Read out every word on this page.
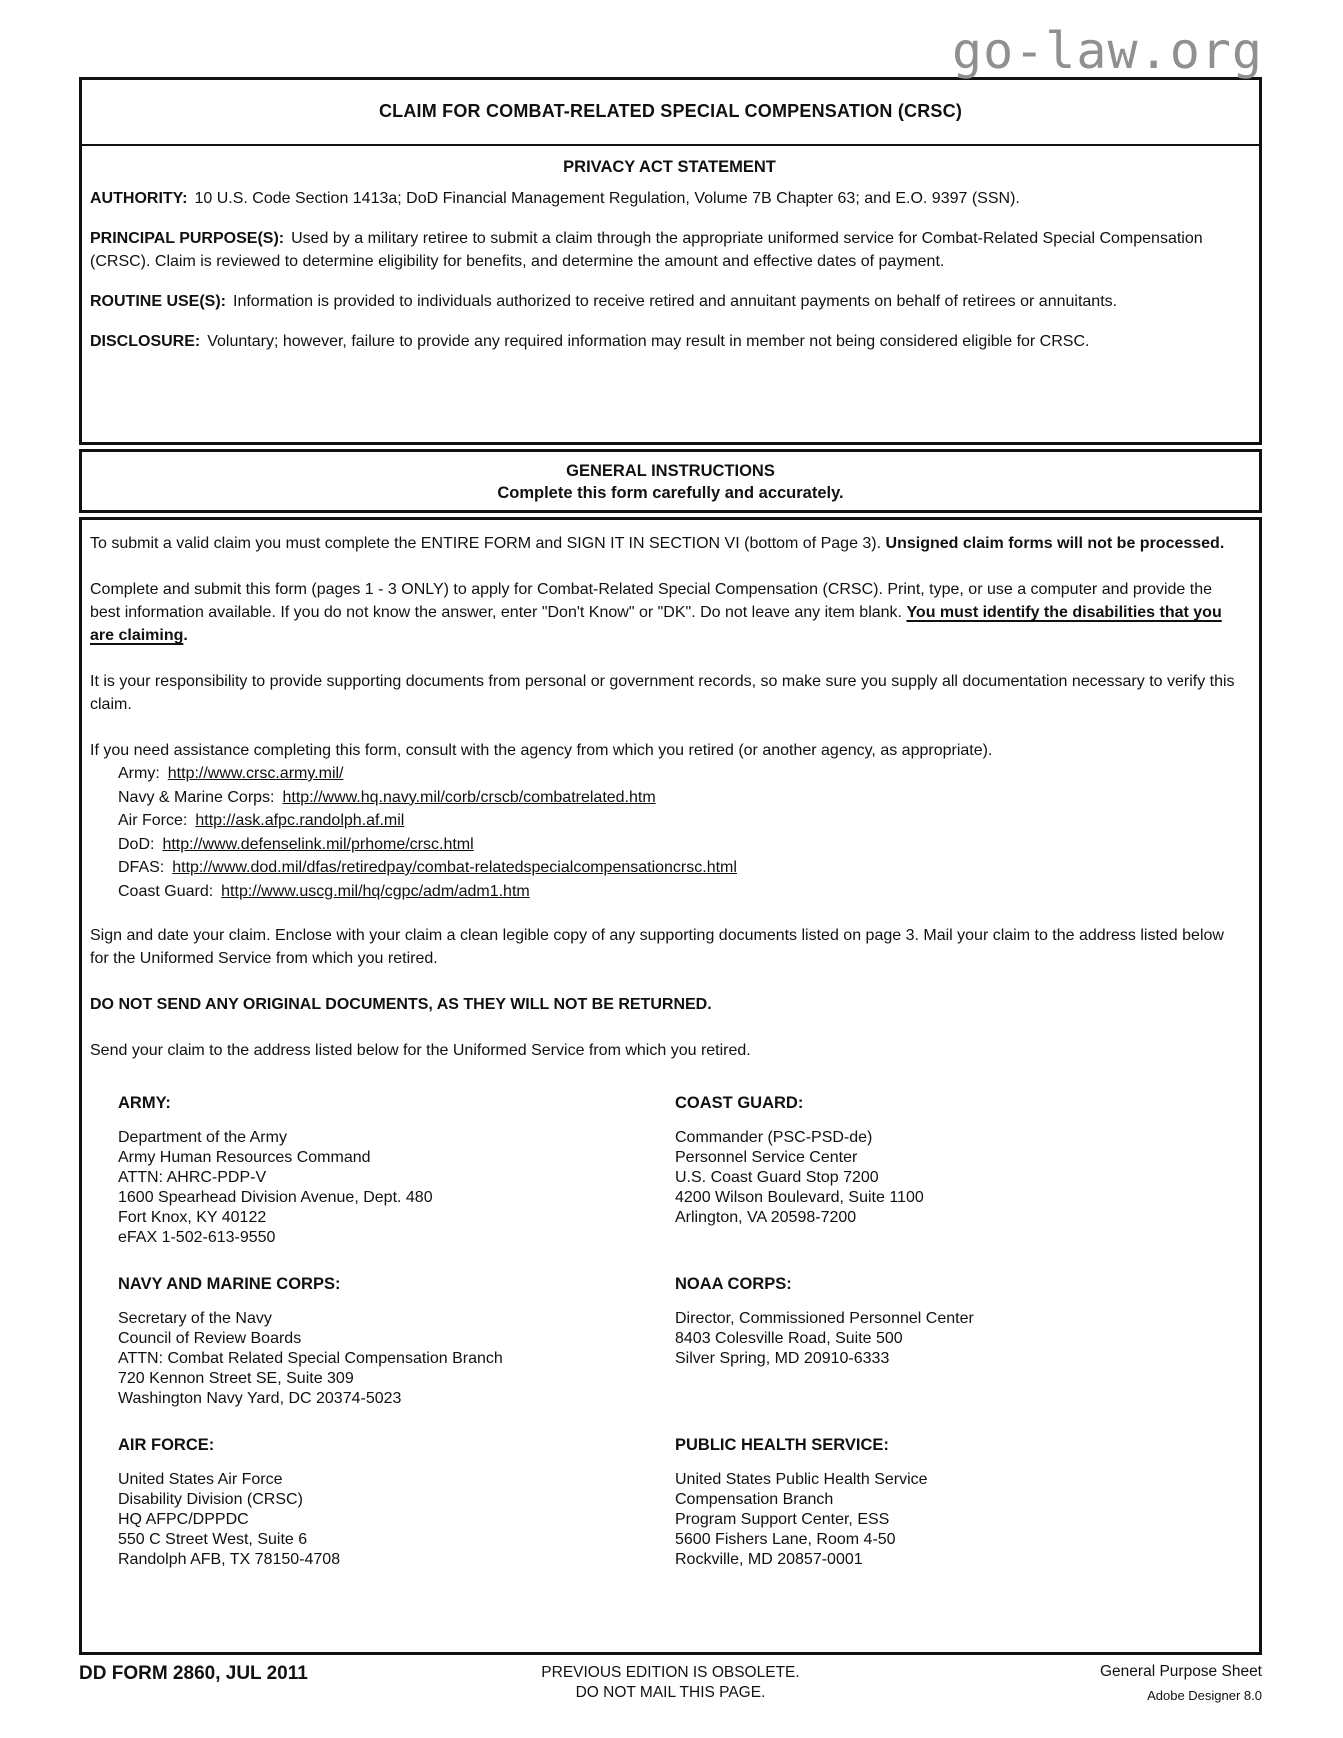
go-law.org
CLAIM FOR COMBAT-RELATED SPECIAL COMPENSATION (CRSC)
PRIVACY ACT STATEMENT

AUTHORITY: 10 U.S. Code Section 1413a; DoD Financial Management Regulation, Volume 7B Chapter 63; and E.O. 9397 (SSN).

PRINCIPAL PURPOSE(S): Used by a military retiree to submit a claim through the appropriate uniformed service for Combat-Related Special Compensation (CRSC). Claim is reviewed to determine eligibility for benefits, and determine the amount and effective dates of payment.

ROUTINE USE(S): Information is provided to individuals authorized to receive retired and annuitant payments on behalf of retirees or annuitants.

DISCLOSURE: Voluntary; however, failure to provide any required information may result in member not being considered eligible for CRSC.

GENERAL INSTRUCTIONS
Complete this form carefully and accurately.

To submit a valid claim you must complete the ENTIRE FORM and SIGN IT IN SECTION VI (bottom of Page 3). Unsigned claim forms will not be processed.

Complete and submit this form (pages 1 - 3 ONLY) to apply for Combat-Related Special Compensation (CRSC). Print, type, or use a computer and provide the best information available. If you do not know the answer, enter "Don't Know" or "DK". Do not leave any item blank. You must identify the disabilities that you are claiming.

It is your responsibility to provide supporting documents from personal or government records, so make sure you supply all documentation necessary to verify this claim.

If you need assistance completing this form, consult with the agency from which you retired (or another agency, as appropriate).

Army: http://www.crsc.army.mil/
Navy & Marine Corps: http://www.hq.navy.mil/corb/crscb/combatrelated.htm
Air Force: http://ask.afpc.randolph.af.mil
DoD: http://www.defenselink.mil/prhome/crsc.html
DFAS: http://www.dod.mil/dfas/retiredpay/combat-relatedspecialcompensationcrsc.html
Coast Guard: http://www.uscg.mil/hq/cgpc/adm/adm1.htm

Sign and date your claim. Enclose with your claim a clean legible copy of any supporting documents listed on page 3. Mail your claim to the address listed below for the Uniformed Service from which you retired.

DO NOT SEND ANY ORIGINAL DOCUMENTS, AS THEY WILL NOT BE RETURNED.

Send your claim to the address listed below for the Uniformed Service from which you retired.

ARMY:
Department of the Army
Army Human Resources Command
ATTN: AHRC-PDP-V
1600 Spearhead Division Avenue, Dept. 480
Fort Knox, KY 40122
eFAX 1-502-613-9550
COAST GUARD:
Commander (PSC-PSD-de)
Personnel Service Center
U.S. Coast Guard Stop 7200
4200 Wilson Boulevard, Suite 1100
Arlington, VA 20598-7200
NAVY AND MARINE CORPS:
Secretary of the Navy
Council of Review Boards
ATTN: Combat Related Special Compensation Branch
720 Kennon Street SE, Suite 309
Washington Navy Yard, DC 20374-5023
NOAA CORPS:
Director, Commissioned Personnel Center
8403 Colesville Road, Suite 500
Silver Spring, MD 20910-6333
AIR FORCE:
United States Air Force
Disability Division (CRSC)
HQ AFPC/DPPDC
550 C Street West, Suite 6
Randolph AFB, TX 78150-4708
PUBLIC HEALTH SERVICE:
United States Public Health Service
Compensation Branch
Program Support Center, ESS
5600 Fishers Lane, Room 4-50
Rockville, MD 20857-0001
DD FORM 2860, JUL 2011	PREVIOUS EDITION IS OBSOLETE.
DO NOT MAIL THIS PAGE.
General Purpose Sheet
Adobe Designer 8.0
